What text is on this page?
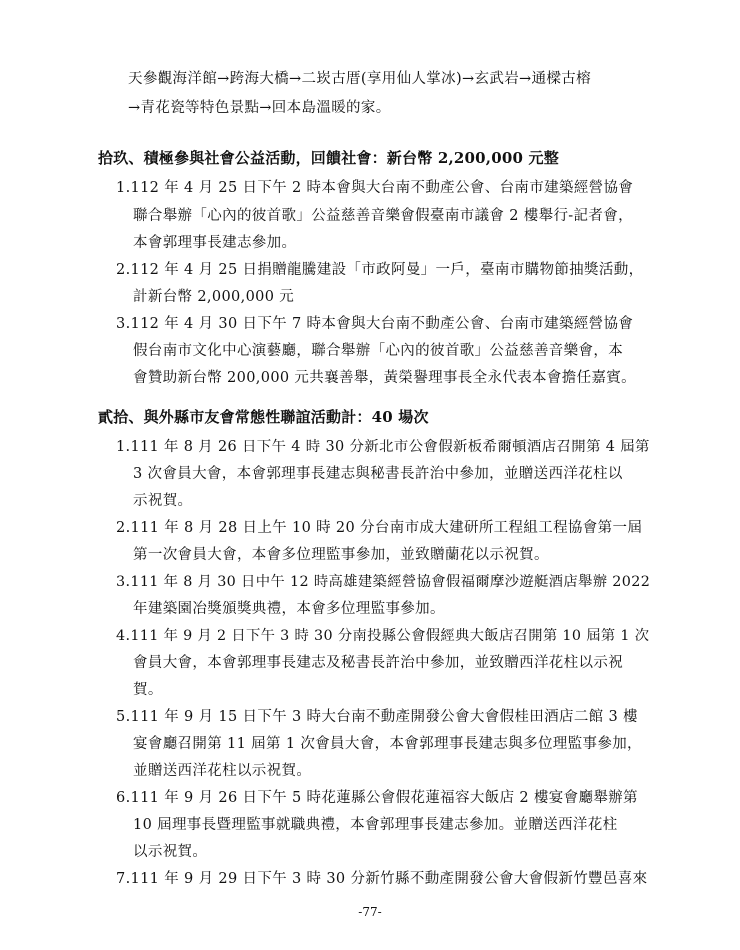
天參觀海洋館→跨海大橋→二崁古厝(享用仙人掌冰)→玄武岩→通樑古榕
→青花瓷等特色景點→回本島溫暖的家。
拾玖、積極參與社會公益活動，回饋社會：新台幣 2,200,000 元整
1.112 年 4 月 25 日下午 2 時本會與大台南不動產公會、台南市建築經營協會
聯合舉辦「心內的彼首歌」公益慈善音樂會假臺南市議會 2 樓舉行-記者會，
本會郭理事長建志參加。
2.112 年 4 月 25 日捐贈龍騰建設「市政阿曼」一戶，臺南市購物節抽獎活動，
計新台幣 2,000,000 元
3.112 年 4 月 30 日下午 7 時本會與大台南不動產公會、台南市建築經營協會
假台南市文化中心演藝廳，聯合舉辦「心內的彼首歌」公益慈善音樂會，本
會贊助新台幣 200,000 元共襄善舉，黃榮譽理事長全永代表本會擔任嘉賓。
貳拾、與外縣市友會常態性聯誼活動計：40 場次
1.111 年 8 月 26 日下午 4 時 30 分新北市公會假新板希爾頓酒店召開第 4 屆第
3 次會員大會，本會郭理事長建志與秘書長許治中參加，並贈送西洋花柱以
示祝賀。
2.111 年 8 月 28 日上午 10 時 20 分台南市成大建研所工程組工程協會第一屆
第一次會員大會，本會多位理監事參加，並致贈蘭花以示祝賀。
3.111 年 8 月 30 日中午 12 時高雄建築經營協會假福爾摩沙遊艇酒店舉辦 2022
年建築園冶獎頒獎典禮，本會多位理監事參加。
4.111 年 9 月 2 日下午 3 時 30 分南投縣公會假經典大飯店召開第 10 屆第 1 次
會員大會，本會郭理事長建志及秘書長許治中參加，並致贈西洋花柱以示祝
賀。
5.111 年 9 月 15 日下午 3 時大台南不動產開發公會大會假桂田酒店二館 3 樓
宴會廳召開第 11 屆第 1 次會員大會，本會郭理事長建志與多位理監事參加，
並贈送西洋花柱以示祝賀。
6.111 年 9 月 26 日下午 5 時花蓮縣公會假花蓮福容大飯店 2 樓宴會廳舉辦第
10 屆理事長暨理監事就職典禮，本會郭理事長建志參加。並贈送西洋花柱
以示祝賀。
7.111 年 9 月 29 日下午 3 時 30 分新竹縣不動產開發公會大會假新竹豐邑喜來
-77-
